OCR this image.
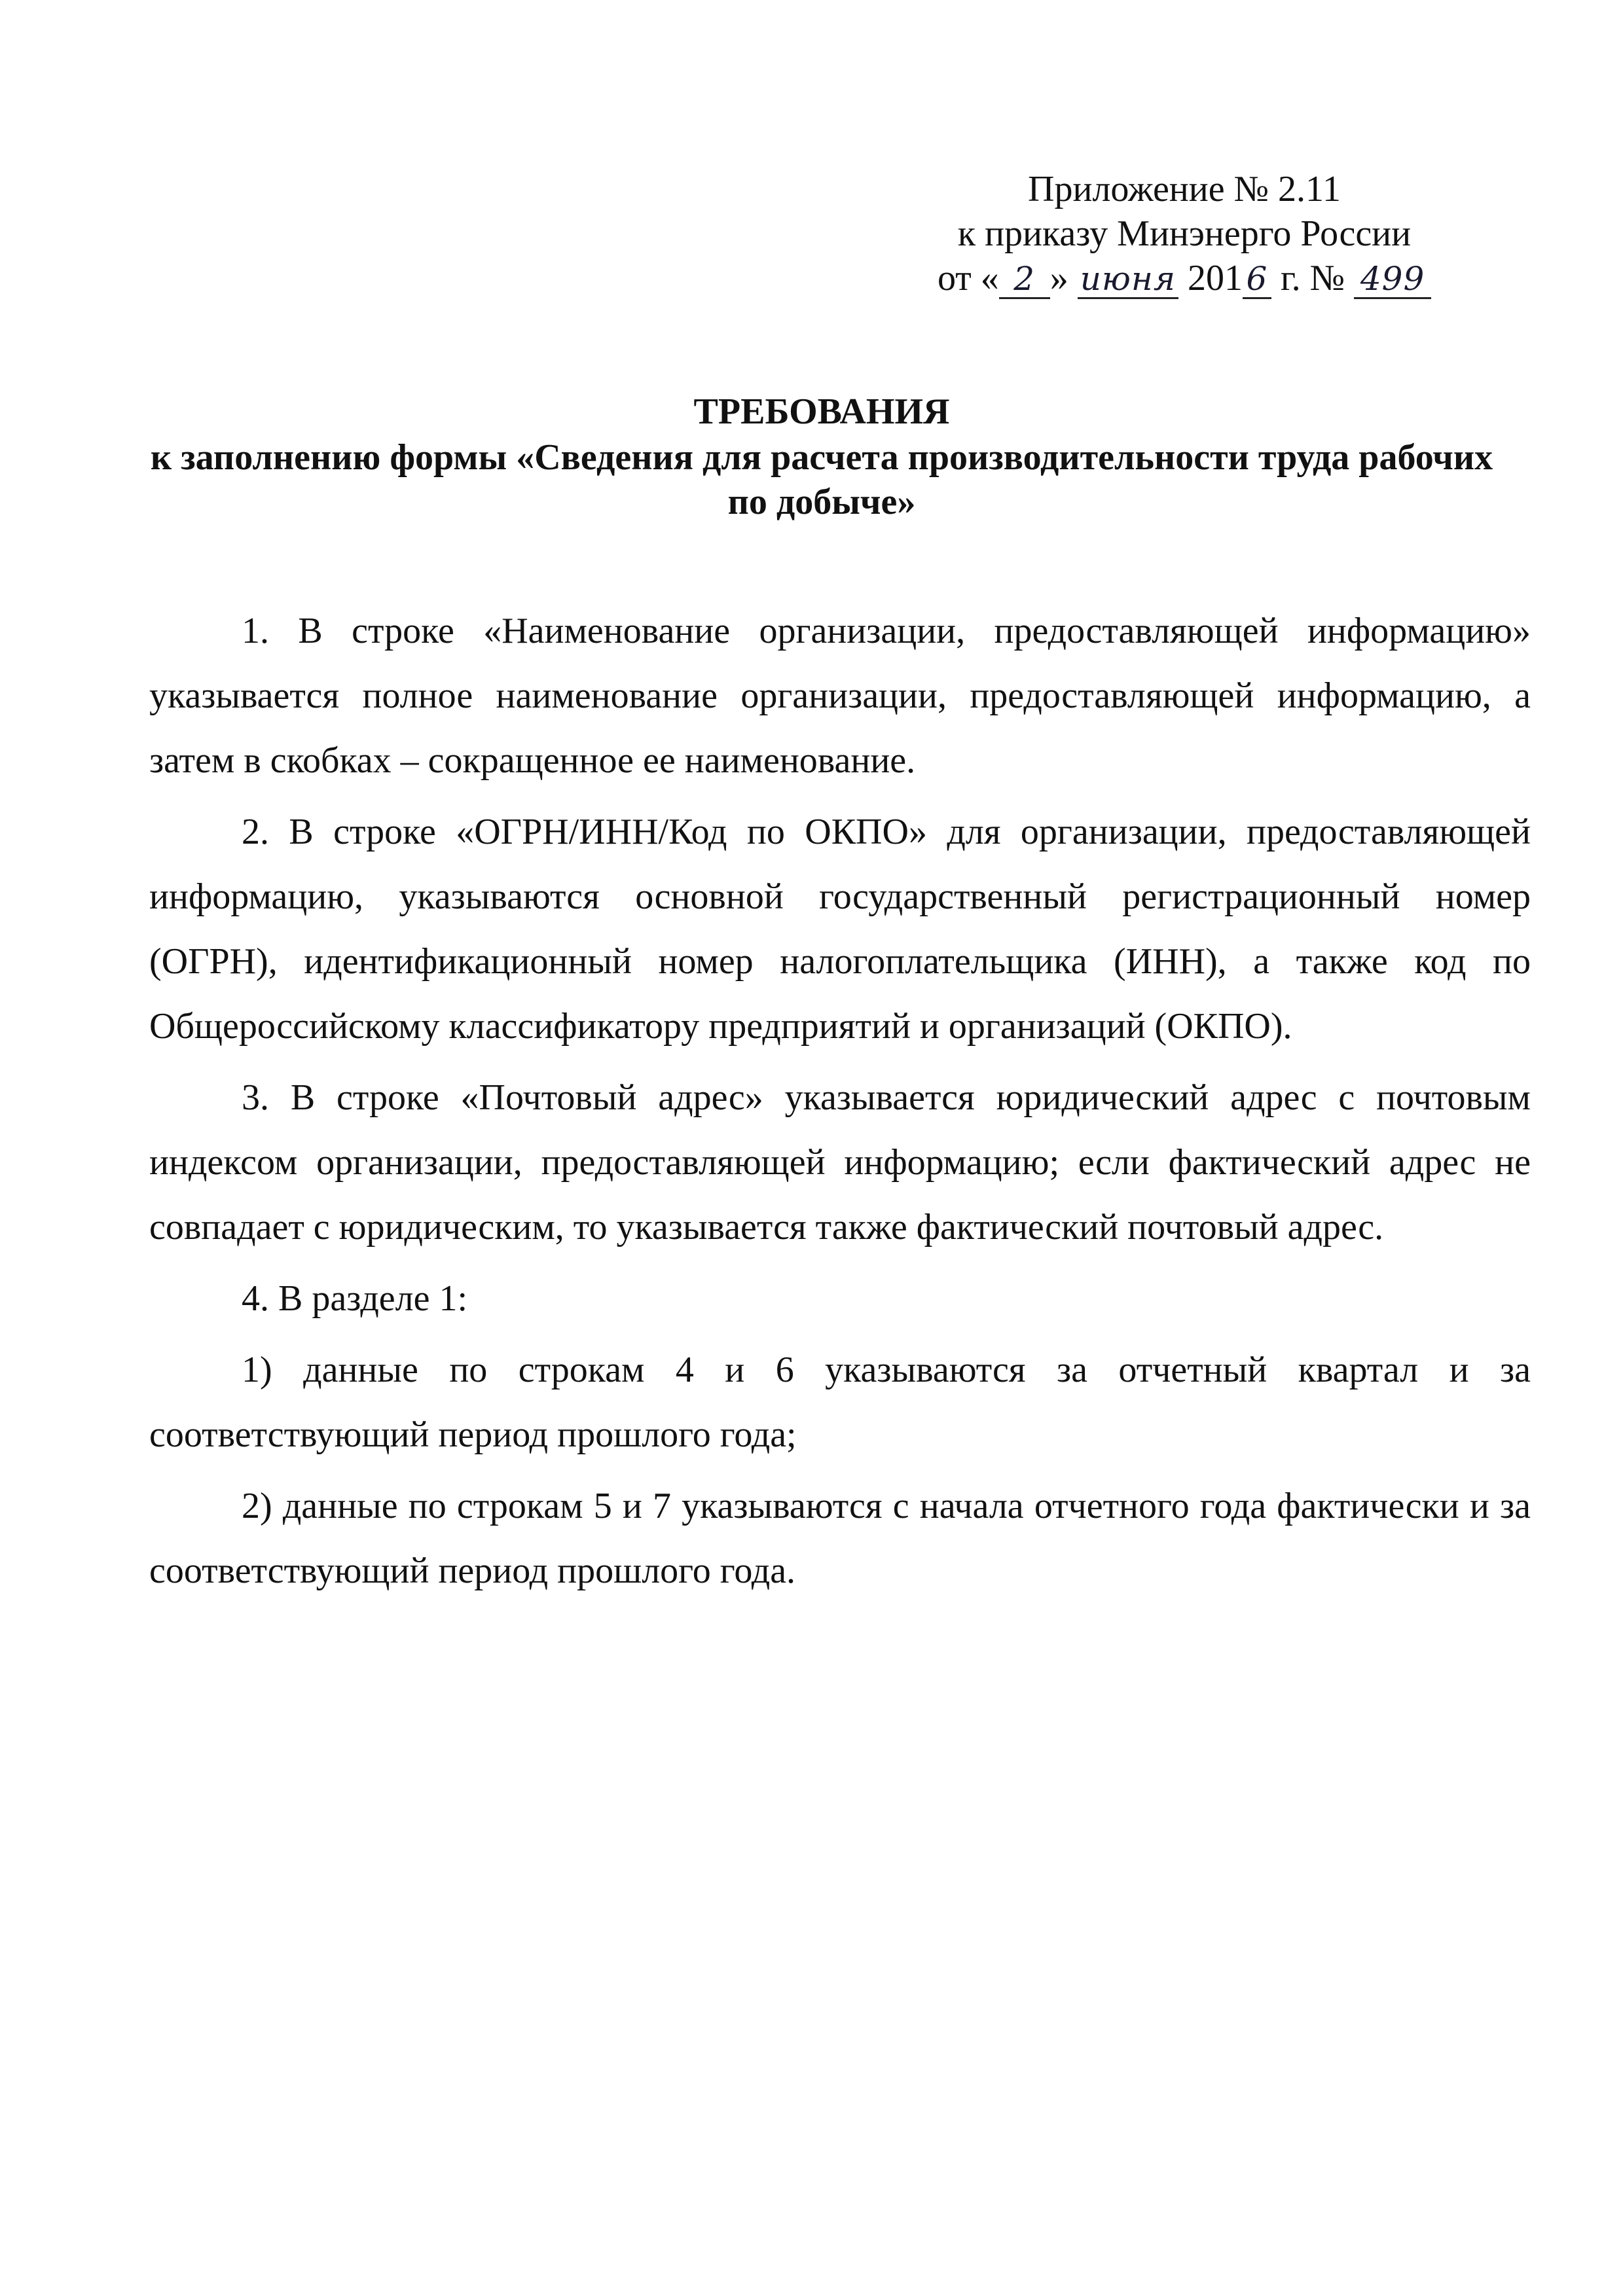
Приложение № 2.11
к приказу Минэнерго России
от « 2 » июня 201 6 г. № 499
ТРЕБОВАНИЯ
к заполнению формы «Сведения для расчета производительности труда рабочих по добыче»

1. В строке «Наименование организации, предоставляющей информацию» указывается полное наименование организации, предоставляющей информацию, а затем в скобках – сокращенное ее наименование.

2. В строке «ОГРН/ИНН/Код по ОКПО» для организации, предоставляющей информацию, указываются основной государственный регистрационный номер (ОГРН), идентификационный номер налогоплательщика (ИНН), а также код по Общероссийскому классификатору предприятий и организаций (ОКПО).

3. В строке «Почтовый адрес» указывается юридический адрес с почтовым индексом организации, предоставляющей информацию; если фактический адрес не совпадает с юридическим, то указывается также фактический почтовый адрес.

4. В разделе 1:

1) данные по строкам 4 и 6 указываются за отчетный квартал и за соответствующий период прошлого года;

2) данные по строкам 5 и 7 указываются с начала отчетного года фактически и за соответствующий период прошлого года.
